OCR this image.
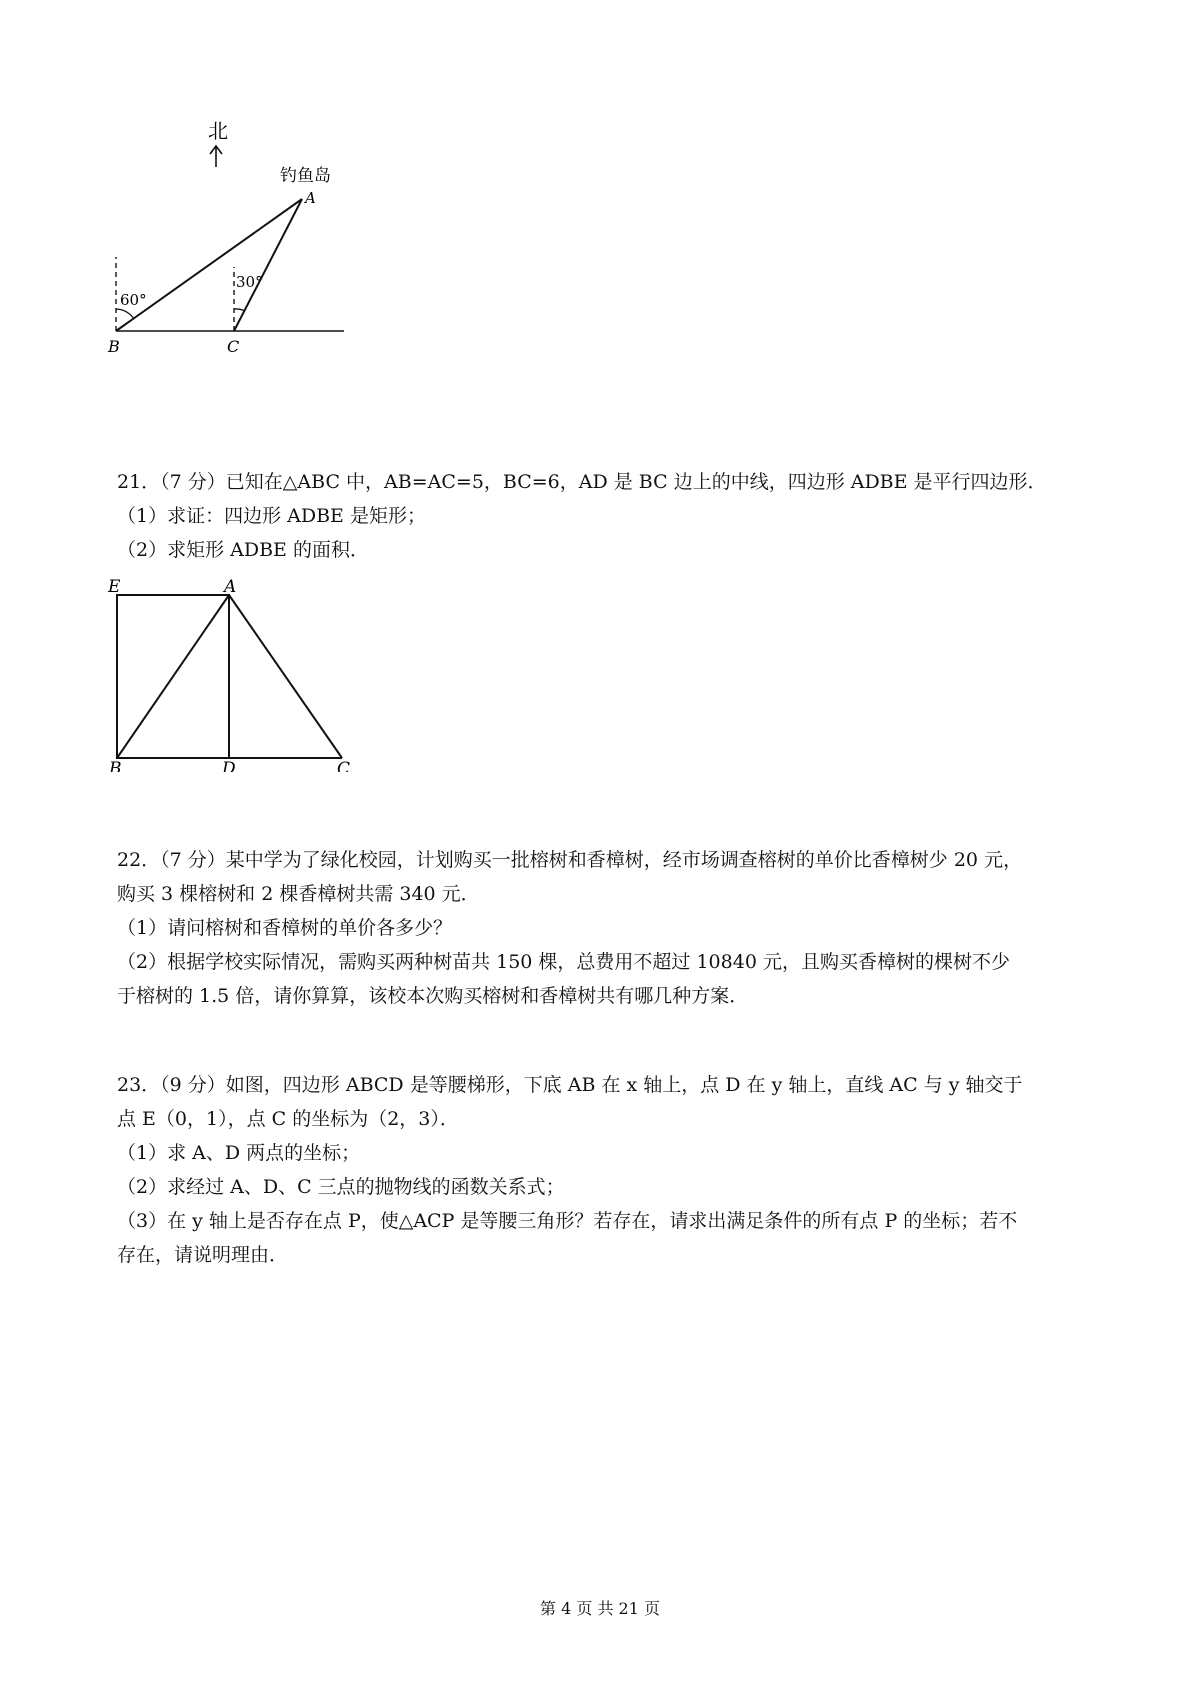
北
钓鱼岛
A
60°
30°
B	C
21．（7 分）已知在△ABC 中，AB=AC=5，BC=6，AD 是 BC 边上的中线，四边形 ADBE 是平行四边形．
（1）求证：四边形 ADBE 是矩形；
（2）求矩形 ADBE 的面积．
E	A
B	D	C
22．（7 分）某中学为了绿化校园，计划购买一批榕树和香樟树，经市场调查榕树的单价比香樟树少 20 元，
购买 3 棵榕树和 2 棵香樟树共需 340 元．
（1）请问榕树和香樟树的单价各多少？
（2）根据学校实际情况，需购买两种树苗共 150 棵，总费用不超过 10840 元，且购买香樟树的棵树不少
于榕树的 1.5 倍，请你算算，该校本次购买榕树和香樟树共有哪几种方案．
23．（9 分）如图，四边形 ABCD 是等腰梯形，下底 AB 在 x 轴上，点 D 在 y 轴上，直线 AC 与 y 轴交于
点 E（0，1），点 C 的坐标为（2，3）．
（1）求 A、D 两点的坐标；
（2）求经过 A、D、C 三点的抛物线的函数关系式；
（3）在 y 轴上是否存在点 P，使△ACP 是等腰三角形？若存在，请求出满足条件的所有点 P 的坐标；若不
存在，请说明理由．
第 4 页 共 21 页
